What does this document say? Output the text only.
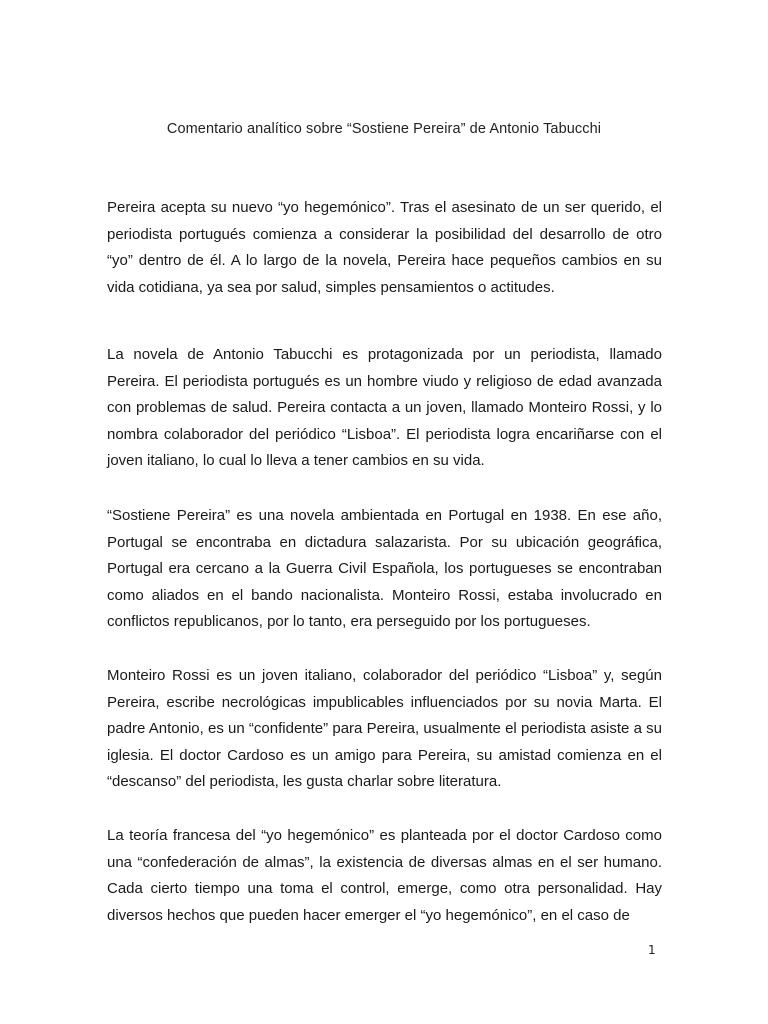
Comentario analítico sobre “Sostiene Pereira” de Antonio Tabucchi

Pereira acepta su nuevo “yo hegemónico”. Tras el asesinato de un ser querido, el periodista portugués comienza a considerar la posibilidad del desarrollo de otro “yo” dentro de él. A lo largo de la novela, Pereira hace pequeños cambios en su vida cotidiana, ya sea por salud, simples pensamientos o actitudes.

La novela de Antonio Tabucchi es protagonizada por un periodista, llamado Pereira. El periodista portugués es un hombre viudo y religioso de edad avanzada con problemas de salud. Pereira contacta a un joven, llamado Monteiro Rossi, y lo nombra colaborador del periódico “Lisboa”. El periodista logra encariñarse con el joven italiano, lo cual lo lleva a tener cambios en su vida.

“Sostiene Pereira” es una novela ambientada en Portugal en 1938. En ese año, Portugal se encontraba en dictadura salazarista. Por su ubicación geográfica, Portugal era cercano a la Guerra Civil Española, los portugueses se encontraban como aliados en el bando nacionalista. Monteiro Rossi, estaba involucrado en conflictos republicanos, por lo tanto, era perseguido por los portugueses.

Monteiro Rossi es un joven italiano, colaborador del periódico “Lisboa” y, según Pereira, escribe necrológicas impublicables influenciados por su novia Marta. El padre Antonio, es un “confidente” para Pereira, usualmente el periodista asiste a su iglesia. El doctor Cardoso es un amigo para Pereira, su amistad comienza en el “descanso” del periodista, les gusta charlar sobre literatura.

La teoría francesa del “yo hegemónico” es planteada por el doctor Cardoso como una “confederación de almas”, la existencia de diversas almas en el ser humano. Cada cierto tiempo una toma el control, emerge, como otra personalidad. Hay diversos hechos que pueden hacer emerger el “yo hegemónico”, en el caso de

1
